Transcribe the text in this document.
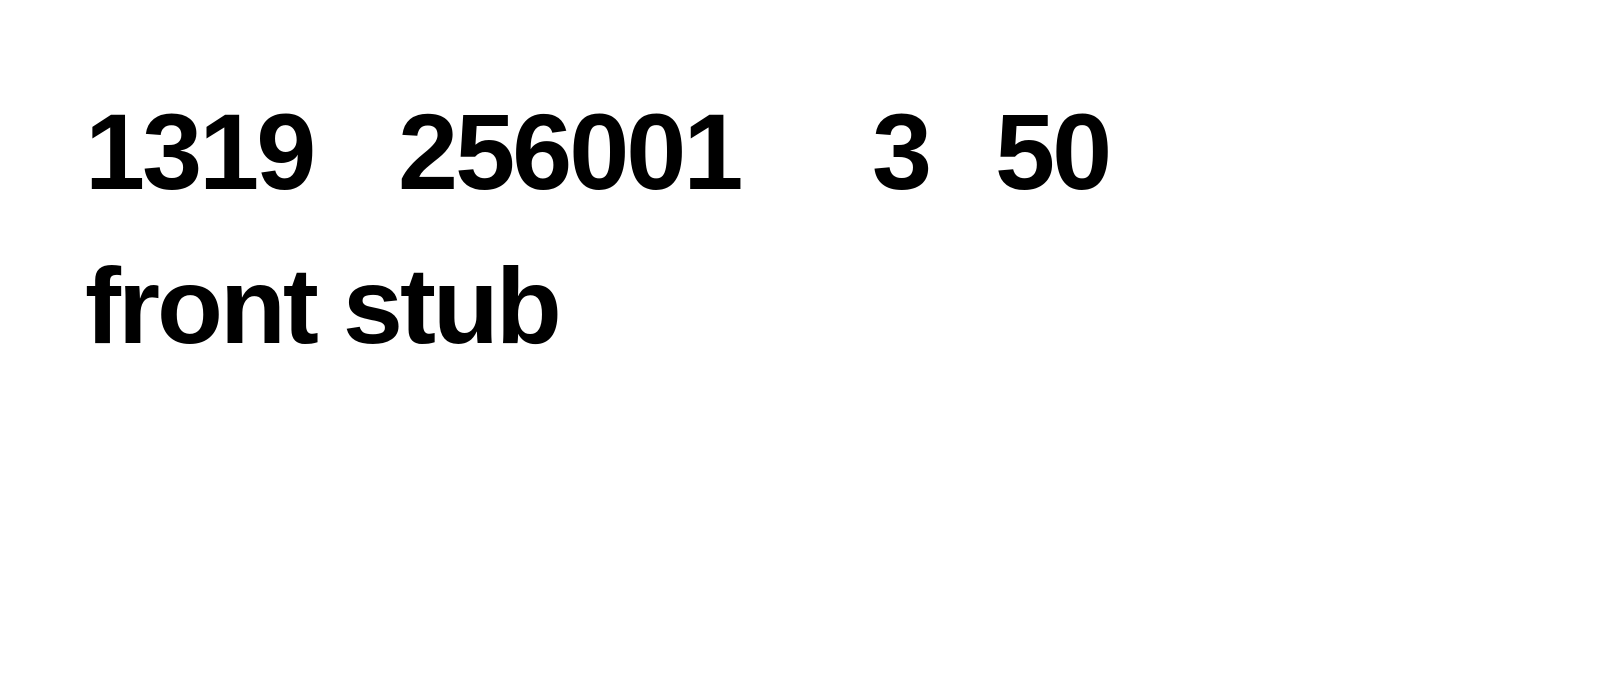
1319 256001 3 50
front stub
